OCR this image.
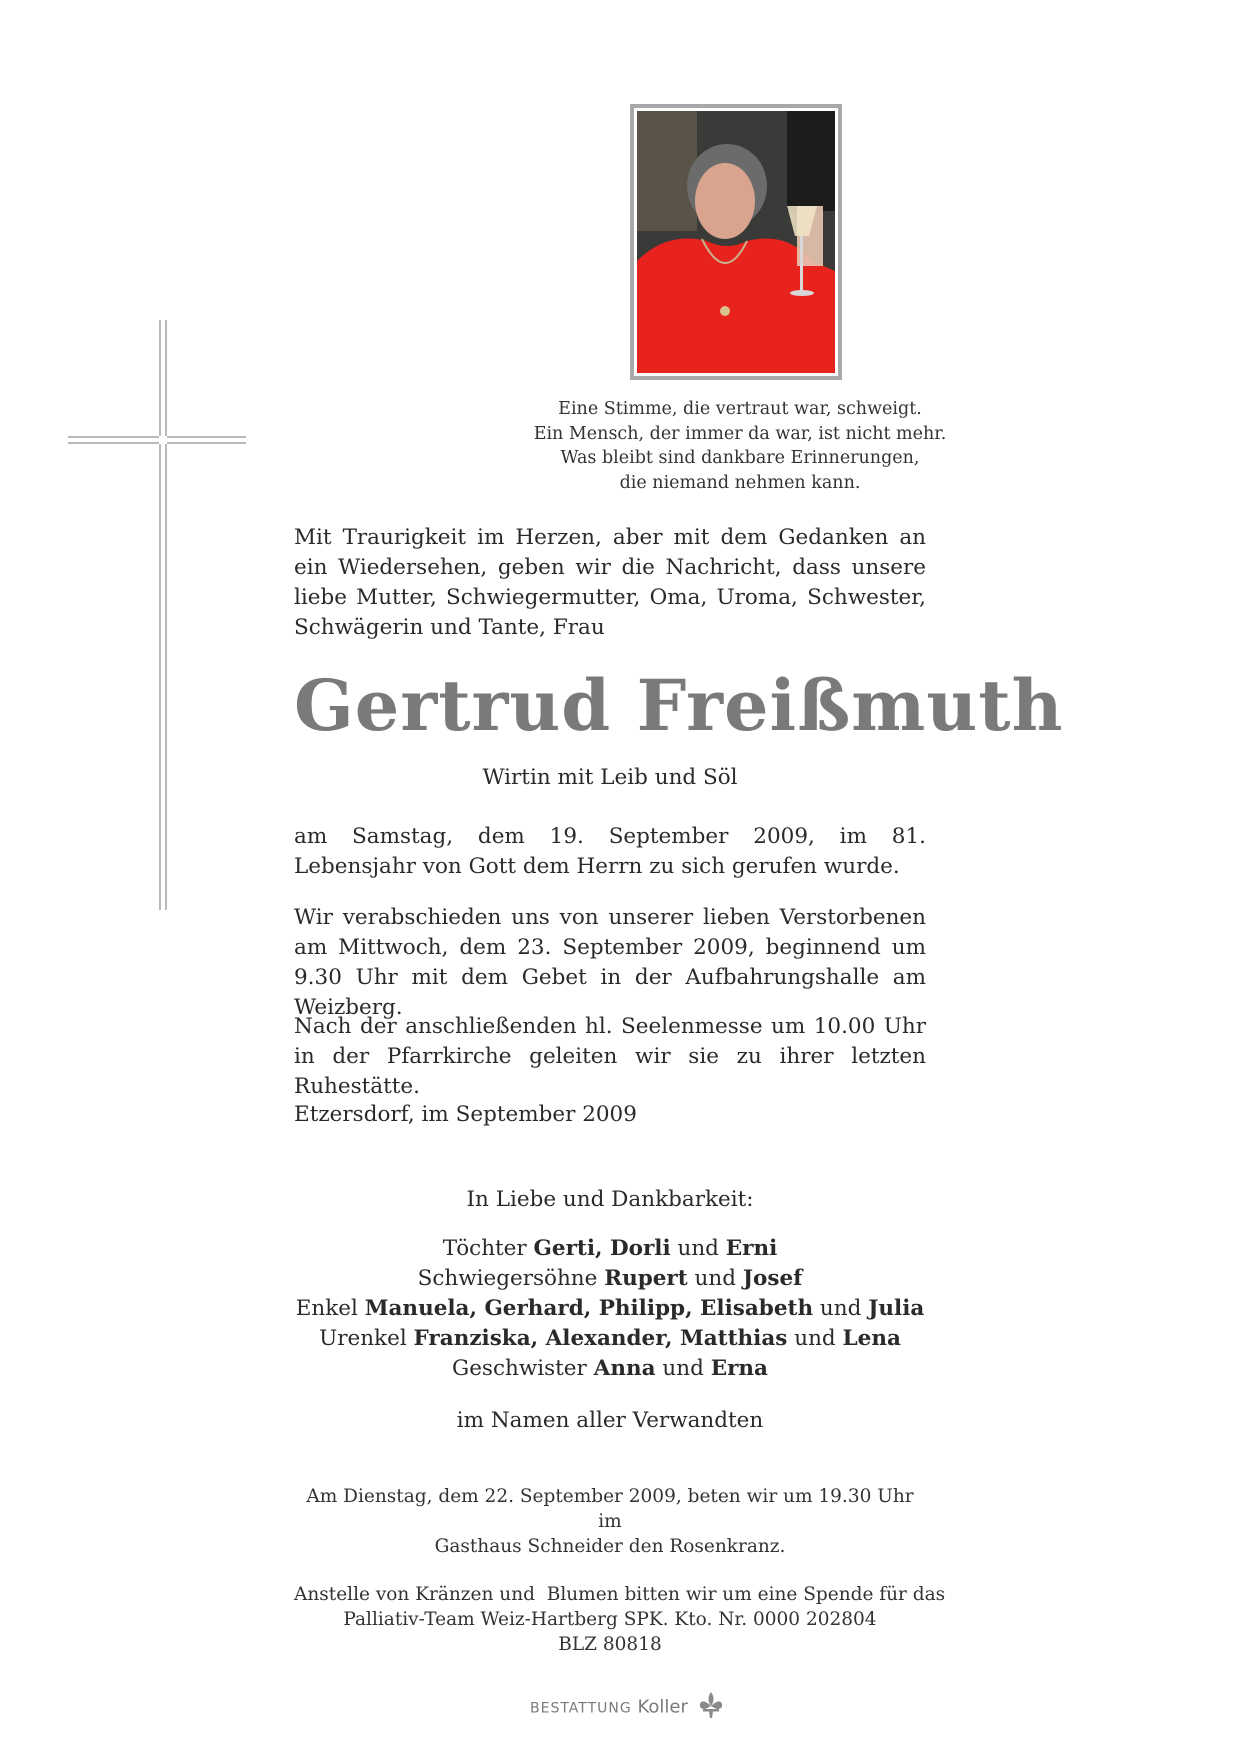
Eine Stimme, die vertraut war, schweigt.
Ein Mensch, der immer da war, ist nicht mehr.
Was bleibt sind dankbare Erinnerungen,
die niemand nehmen kann.
Mit Traurigkeit im Herzen, aber mit dem Gedanken an ein Wiedersehen, geben wir die Nachricht, dass unsere liebe Mutter, Schwiegermutter, Oma, Uroma, Schwester, Schwägerin und Tante, Frau
Gertrud Freißmuth
Wirtin mit Leib und Söl
am Samstag, dem 19. September 2009, im 81. Lebensjahr von Gott dem Herrn zu sich gerufen wurde.
Wir verabschieden uns von unserer lieben Verstorbenen am Mittwoch, dem 23. September 2009, beginnend um 9.30 Uhr mit dem Gebet in der Aufbahrungshalle am Weizberg.
Nach der anschließenden hl. Seelenmesse um 10.00 Uhr in der Pfarrkirche geleiten wir sie zu ihrer letzten Ruhestätte.
Etzersdorf, im September 2009
In Liebe und Dankbarkeit:
Töchter Gerti, Dorli und Erni
Schwiegersöhne Rupert und Josef
Enkel Manuela, Gerhard, Philipp, Elisabeth und Julia
Urenkel Franziska, Alexander, Matthias und Lena
Geschwister Anna und Erna
im Namen aller Verwandten
Am Dienstag, dem 22. September 2009, beten wir um 19.30 Uhr im
Gasthaus Schneider den Rosenkranz.
Anstelle von Kränzen und  Blumen bitten wir um eine Spende für das
Palliativ-Team Weiz-Hartberg SPK. Kto. Nr. 0000 202804
BLZ 80818
BESTATTUNG Koller
